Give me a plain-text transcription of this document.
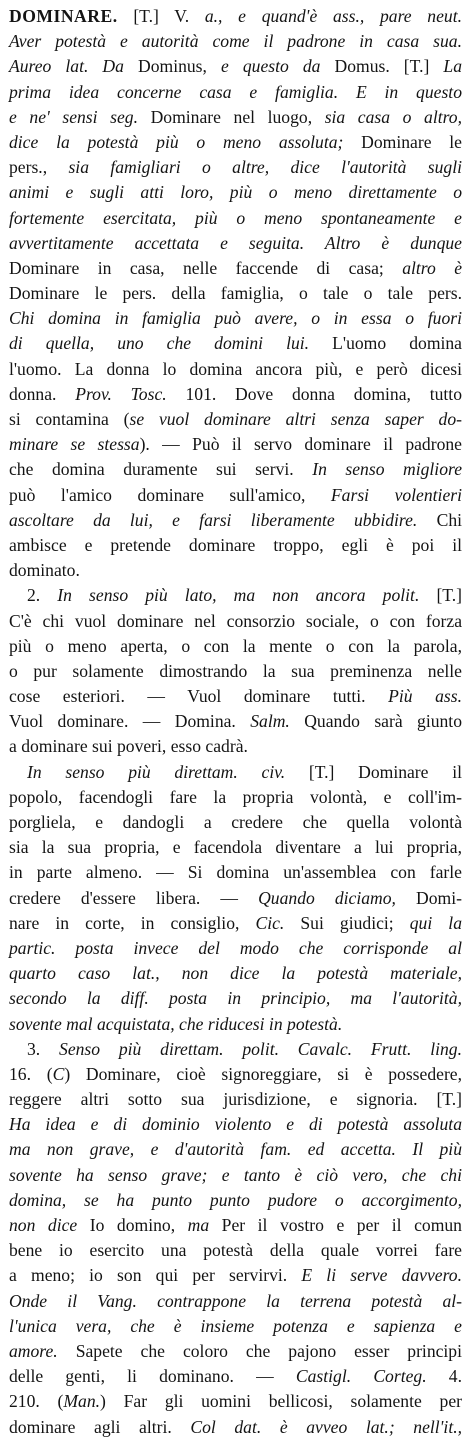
DOMINARE. [T.] V. a., e quand'è ass., pare neut.
Aver potestà e autorità come il padrone in casa sua.
Aureo lat. Da Dominus, e questo da Domus. [T.] La
prima idea concerne casa e famiglia. E in questo
e ne' sensi seg. Dominare nel luogo, sia casa o altro,
dice la potestà più o meno assoluta; Dominare le
pers., sia famigliari o altre, dice l'autorità sugli
animi e sugli atti loro, più o meno direttamente o
fortemente esercitata, più o meno spontaneamente e
avvertitamente accettata e seguita. Altro è dunque
Dominare in casa, nelle faccende di casa; altro è
Dominare le pers. della famiglia, o tale o tale pers.
Chi domina in famiglia può avere, o in essa o fuori
di quella, uno che domini lui. L'uomo domina
l'uomo. La donna lo domina ancora più, e però dicesi
donna. Prov. Tosc. 101. Dove donna domina, tutto
si contamina (se vuol dominare altri senza saper do-
minare se stessa). — Può il servo dominare il padrone
che domina duramente sui servi. In senso migliore
può l'amico dominare sull'amico, Farsi volentieri
ascoltare da lui, e farsi liberamente ubbidire. Chi
ambisce e pretende dominare troppo, egli è poi il
dominato.
2. In senso più lato, ma non ancora polit. [T.]
C'è chi vuol dominare nel consorzio sociale, o con forza
più o meno aperta, o con la mente o con la parola,
o pur solamente dimostrando la sua preminenza nelle
cose esteriori. — Vuol dominare tutti. Più ass.
Vuol dominare. — Domina. Salm. Quando sarà giunto
a dominare sui poveri, esso cadrà.
In senso più direttam. civ. [T.] Dominare il
popolo, facendogli fare la propria volontà, e coll'im-
porgliela, e dandogli a credere che quella volontà
sia la sua propria, e facendola diventare a lui propria,
in parte almeno. — Si domina un'assemblea con farle
credere d'essere libera. — Quando diciamo, Domi-
nare in corte, in consiglio, Cic. Sui giudici; qui la
partic. posta invece del modo che corrisponde al
quarto caso lat., non dice la potestà materiale,
secondo la diff. posta in principio, ma l'autorità,
sovente mal acquistata, che riducesi in potestà.
3. Senso più direttam. polit. Cavalc. Frutt. ling.
16. (C) Dominare, cioè signoreggiare, si è possedere,
reggere altri sotto sua jurisdizione, e signoria. [T.]
Ha idea e di dominio violento e di potestà assoluta
ma non grave, e d'autorità fam. ed accetta. Il più
sovente ha senso grave; e tanto è ciò vero, che chi
domina, se ha punto punto pudore o accorgimento,
non dice Io domino, ma Per il vostro e per il comun
bene io esercito una potestà della quale vorrei fare
a meno; io son qui per servirvi. E li serve davvero.
Onde il Vang. contrappone la terrena potestà al-
l'unica vera, che è insieme potenza e sapienza e
amore. Sapete che coloro che pajono esser principi
delle genti, li dominano. — Castigl. Corteg. 4.
210. (Man.) Far gli uomini bellicosi, solamente per
dominare agli altri. Col dat. è avveo lat.; nell'it.,
